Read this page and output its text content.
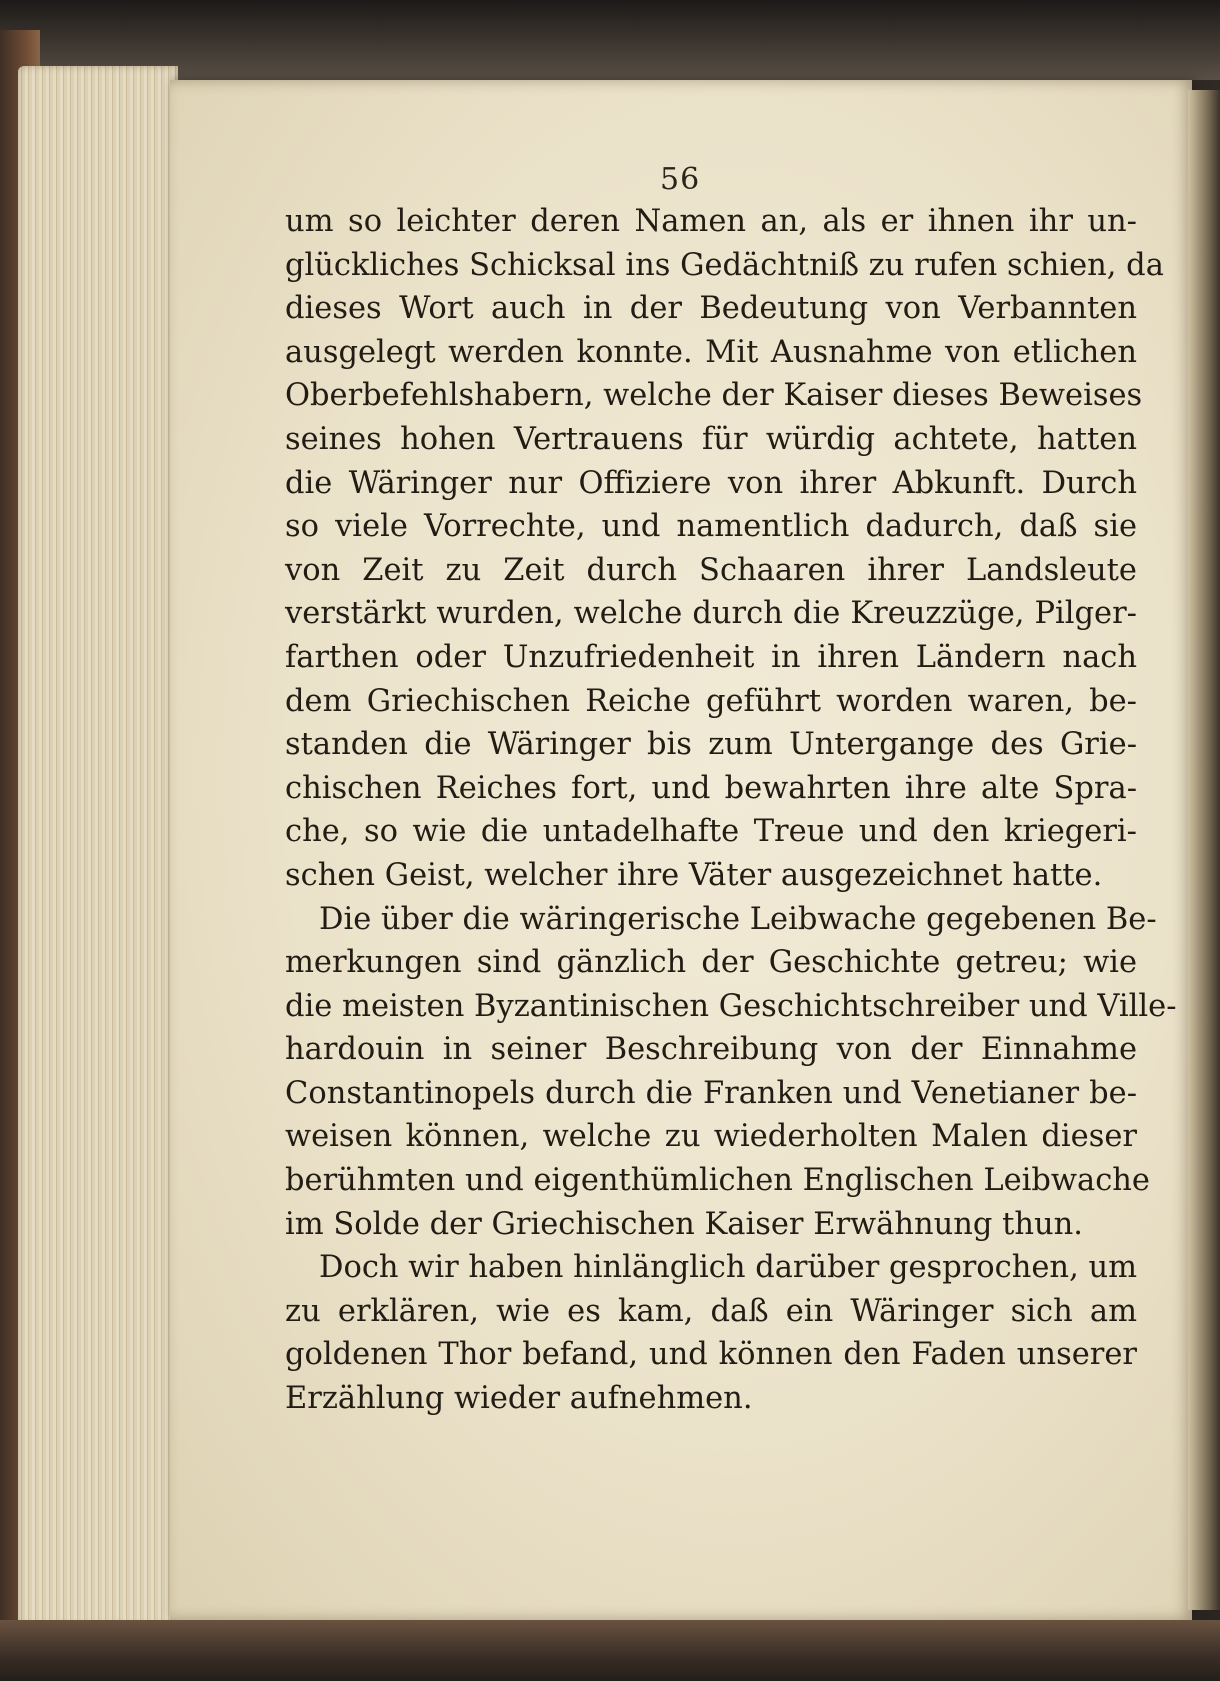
56

um so leichter deren Namen an, als er ihnen ihr un-
glückliches Schicksal ins Gedächtniß zu rufen schien, da
dieses Wort auch in der Bedeutung von Verbannten
ausgelegt werden konnte. Mit Ausnahme von etlichen
Oberbefehlshabern, welche der Kaiser dieses Beweises
seines hohen Vertrauens für würdig achtete, hatten
die Wäringer nur Offiziere von ihrer Abkunft. Durch
so viele Vorrechte, und namentlich dadurch, daß sie
von Zeit zu Zeit durch Schaaren ihrer Landsleute
verstärkt wurden, welche durch die Kreuzzüge, Pilger-
farthen oder Unzufriedenheit in ihren Ländern nach
dem Griechischen Reiche geführt worden waren, be-
standen die Wäringer bis zum Untergange des Grie-
chischen Reiches fort, und bewahrten ihre alte Spra-
che, so wie die untadelhafte Treue und den kriegeri-
schen Geist, welcher ihre Väter ausgezeichnet hatte.

Die über die wäringerische Leibwache gegebenen Be-
merkungen sind gänzlich der Geschichte getreu; wie
die meisten Byzantinischen Geschichtschreiber und Ville-
hardouin in seiner Beschreibung von der Einnahme
Constantinopels durch die Franken und Venetianer be-
weisen können, welche zu wiederholten Malen dieser
berühmten und eigenthümlichen Englischen Leibwache
im Solde der Griechischen Kaiser Erwähnung thun.

Doch wir haben hinlänglich darüber gesprochen, um
zu erklären, wie es kam, daß ein Wäringer sich am
goldenen Thor befand, und können den Faden unserer
Erzählung wieder aufnehmen.
